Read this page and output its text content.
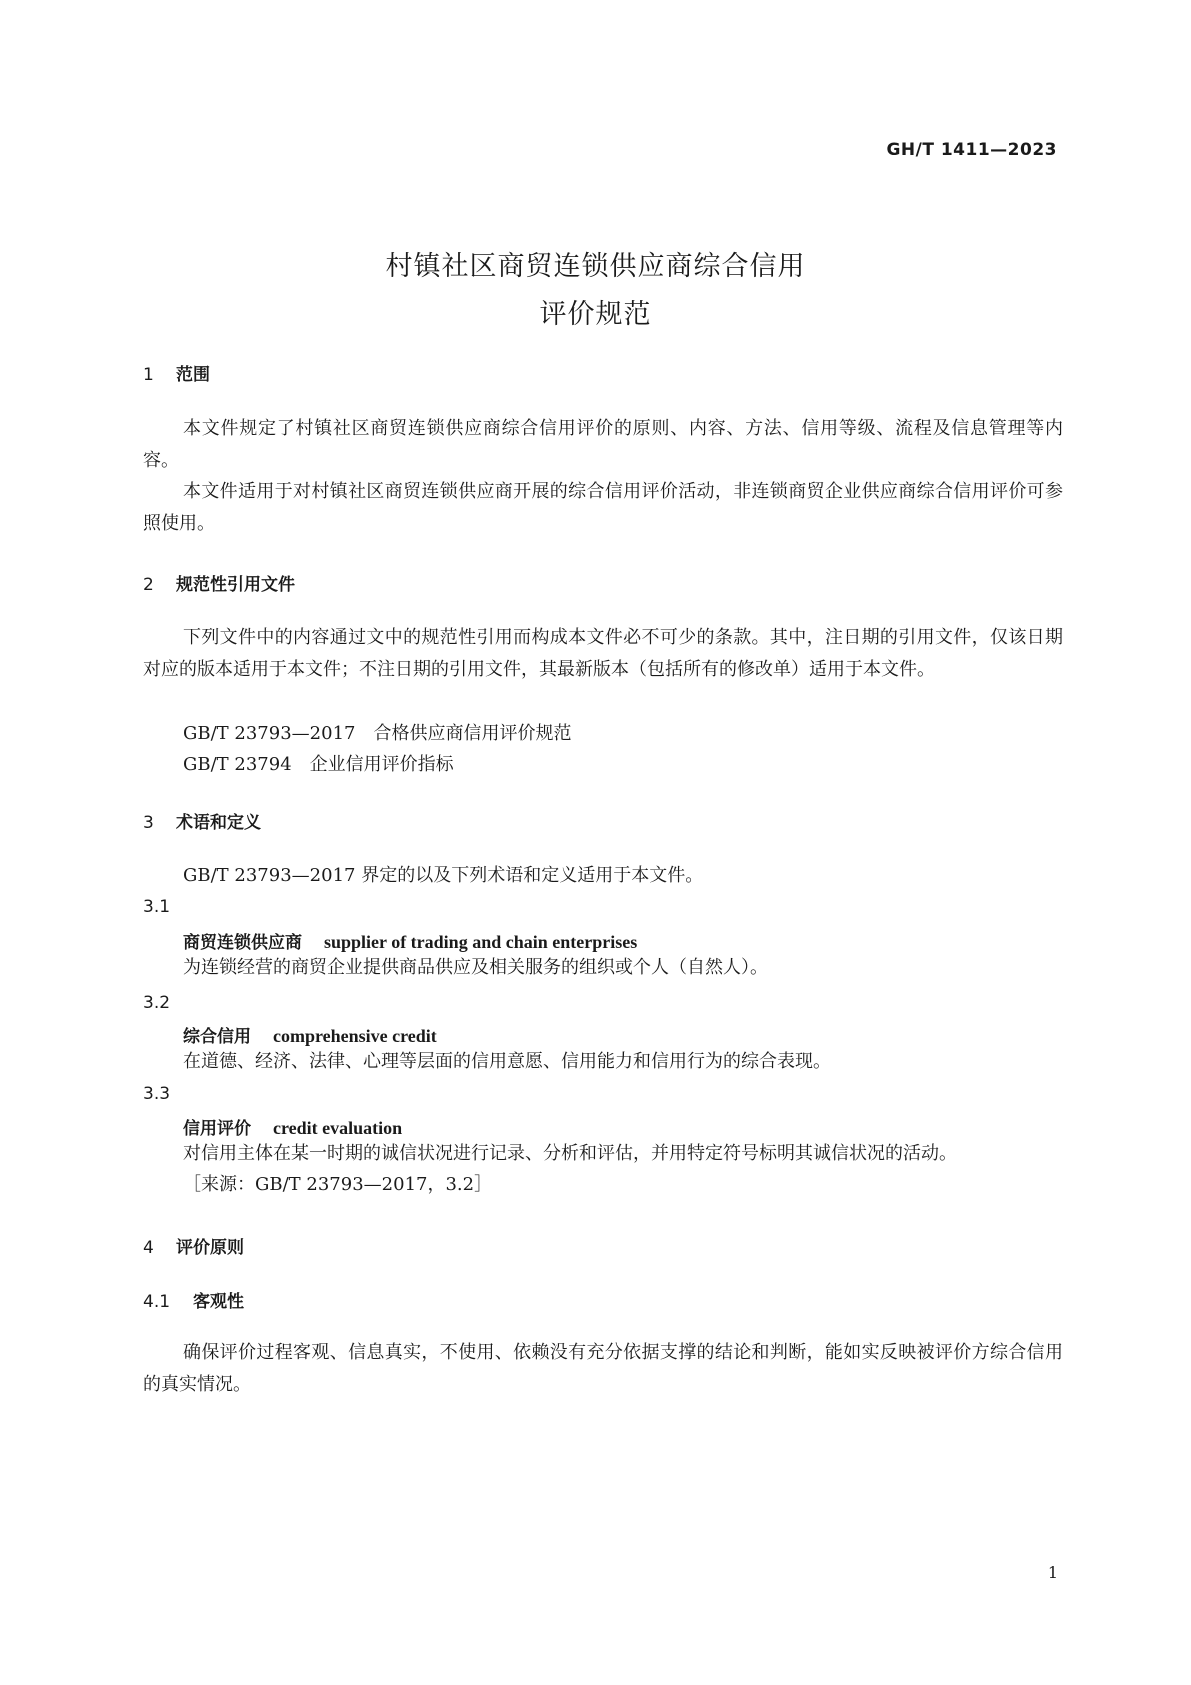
GH/T 1411—2023
村镇社区商贸连锁供应商综合信用
评价规范
1 范围
本文件规定了村镇社区商贸连锁供应商综合信用评价的原则、内容、方法、信用等级、流程及信息管理等内容。
本文件适用于对村镇社区商贸连锁供应商开展的综合信用评价活动，非连锁商贸企业供应商综合信用评价可参照使用。
2 规范性引用文件
下列文件中的内容通过文中的规范性引用而构成本文件必不可少的条款。其中，注日期的引用文件，仅该日期对应的版本适用于本文件；不注日期的引用文件，其最新版本（包括所有的修改单）适用于本文件。
GB/T 23793—2017 合格供应商信用评价规范
GB/T 23794 企业信用评价指标
3 术语和定义
GB/T 23793—2017 界定的以及下列术语和定义适用于本文件。
3.1
商贸连锁供应商 supplier of trading and chain enterprises
为连锁经营的商贸企业提供商品供应及相关服务的组织或个人（自然人）。
3.2
综合信用 comprehensive credit
在道德、经济、法律、心理等层面的信用意愿、信用能力和信用行为的综合表现。
3.3
信用评价 credit evaluation
对信用主体在某一时期的诚信状况进行记录、分析和评估，并用特定符号标明其诚信状况的活动。
［来源：GB/T 23793—2017，3.2］
4 评价原则
4.1 客观性
确保评价过程客观、信息真实，不使用、依赖没有充分依据支撑的结论和判断，能如实反映被评价方综合信用的真实情况。
1
